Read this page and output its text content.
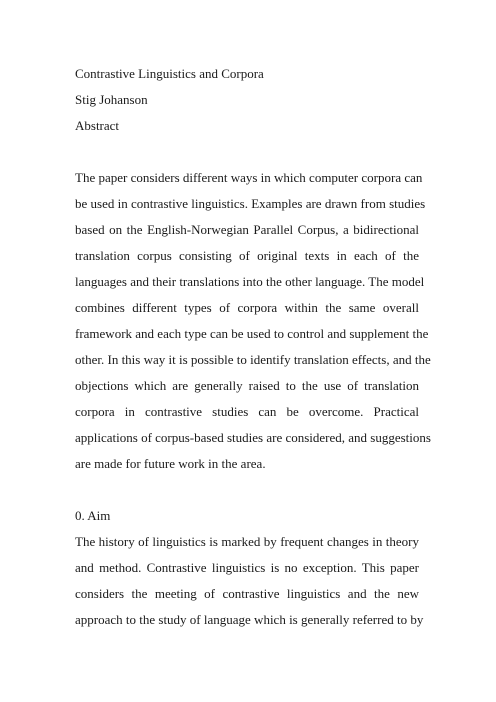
Contrastive Linguistics and Corpora
Stig Johanson
Abstract
The paper considers different ways in which computer corpora can
be used in contrastive linguistics. Examples are drawn from studies
based on the English-Norwegian Parallel Corpus, a bidirectional
translation corpus consisting of original texts in each of the
languages and their translations into the other language. The model
combines different types of corpora within the same overall
framework and each type can be used to control and supplement the
other. In this way it is possible to identify translation effects, and the
objections which are generally raised to the use of translation
corpora in contrastive studies can be overcome. Practical
applications of corpus-based studies are considered, and suggestions
are made for future work in the area.
0. Aim
The history of linguistics is marked by frequent changes in theory
and method. Contrastive linguistics is no exception. This paper
considers the meeting of contrastive linguistics and the new
approach to the study of language which is generally referred to by
